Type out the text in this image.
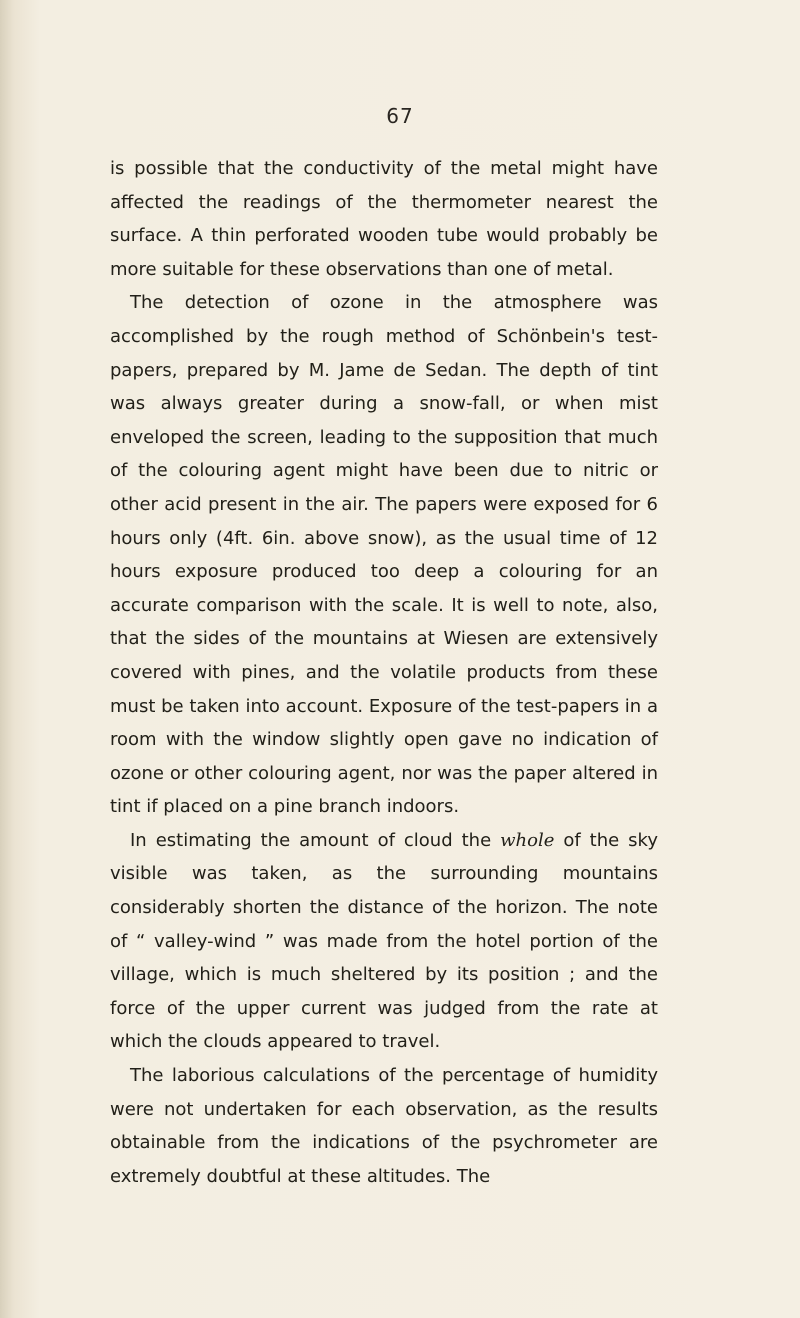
67

is possible that the conductivity of the metal might have affected the readings of the thermometer nearest the surface. A thin perforated wooden tube would probably be more suitable for these observations than one of metal.

The detection of ozone in the atmosphere was accomplished by the rough method of Schönbein's test-papers, prepared by M. Jame de Sedan. The depth of tint was always greater during a snow-fall, or when mist enveloped the screen, leading to the supposition that much of the colouring agent might have been due to nitric or other acid present in the air. The papers were exposed for 6 hours only (4ft. 6in. above snow), as the usual time of 12 hours exposure produced too deep a colouring for an accurate comparison with the scale. It is well to note, also, that the sides of the mountains at Wiesen are extensively covered with pines, and the volatile products from these must be taken into account. Exposure of the test-papers in a room with the window slightly open gave no indication of ozone or other colouring agent, nor was the paper altered in tint if placed on a pine branch indoors.

In estimating the amount of cloud the whole of the sky visible was taken, as the surrounding mountains considerably shorten the distance of the horizon. The note of “ valley-wind ” was made from the hotel portion of the village, which is much sheltered by its position ; and the force of the upper current was judged from the rate at which the clouds appeared to travel.

The laborious calculations of the percentage of humidity were not undertaken for each observation, as the results obtainable from the indications of the psychrometer are extremely doubtful at these altitudes. The
